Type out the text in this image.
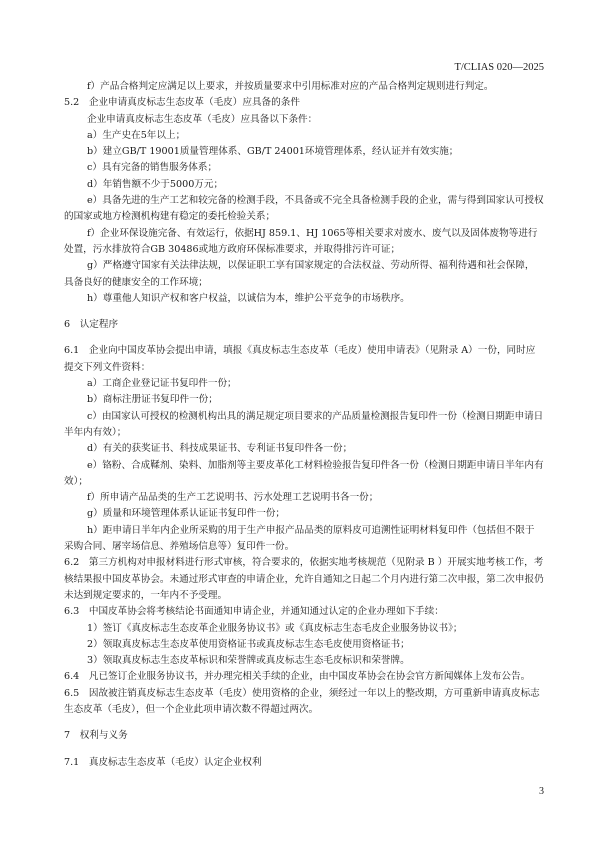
T/CLIAS 020—2025

f）产品合格判定应满足以上要求，并按质量要求中引用标准对应的产品合格判定规则进行判定。

5.2　企业申请真皮标志生态皮革（毛皮）应具备的条件

企业申请真皮标志生态皮革（毛皮）应具备以下条件：

a）生产史在5年以上；

b）建立GB/T 19001质量管理体系、GB/T 24001环境管理体系，经认证并有效实施；

c）具有完备的销售服务体系；

d）年销售额不少于5000万元；

e）具备先进的生产工艺和较完备的检测手段，不具备或不完全具备检测手段的企业，需与得到国家认可授权的国家或地方检测机构建有稳定的委托检验关系；

f）企业环保设施完备、有效运行，依据HJ 859.1、HJ 1065等相关要求对废水、废气以及固体废物等进行处置，污水排放符合GB 30486或地方政府环保标准要求，并取得排污许可证；

g）严格遵守国家有关法律法规，以保证职工享有国家规定的合法权益、劳动所得、福利待遇和社会保障，具备良好的健康安全的工作环境；

h）尊重他人知识产权和客户权益，以诚信为本，维护公平竞争的市场秩序。

6　认定程序

6.1　企业向中国皮革协会提出申请，填报《真皮标志生态皮革（毛皮）使用申请表》（见附录 A）一份，同时应提交下列文件资料：

a）工商企业登记证书复印件一份；

b）商标注册证书复印件一份；

c）由国家认可授权的检测机构出具的满足规定项目要求的产品质量检测报告复印件一份（检测日期距申请日半年内有效）；

d）有关的获奖证书、科技成果证书、专利证书复印件各一份；

e）铬粉、合成鞣剂、染料、加脂剂等主要皮革化工材料检验报告复印件各一份（检测日期距申请日半年内有效）；

f）所申请产品品类的生产工艺说明书、污水处理工艺说明书各一份；

g）质量和环境管理体系认证证书复印件一份；

h）距申请日半年内企业所采购的用于生产申报产品品类的原料皮可追溯性证明材料复印件（包括但不限于采购合同、屠宰场信息、养殖场信息等）复印件一份。

6.2　第三方机构对申报材料进行形式审核，符合要求的，依据实地考核规范（见附录 B ）开展实地考核工作，考核结果报中国皮革协会。未通过形式审查的申请企业，允许自通知之日起二个月内进行第二次申报，第二次申报仍未达到规定要求的，一年内不予受理。

6.3　中国皮革协会将考核结论书面通知申请企业，并通知通过认定的企业办理如下手续：

1）签订《真皮标志生态皮革企业服务协议书》或《真皮标志生态毛皮企业服务协议书》；

2）领取真皮标志生态皮革使用资格证书或真皮标志生态毛皮使用资格证书；

3）领取真皮标志生态皮革标识和荣誉牌或真皮标志生态毛皮标识和荣誉牌。

6.4　凡已签订企业服务协议书，并办理完相关手续的企业，由中国皮革协会在协会官方新闻媒体上发布公告。

6.5　因故被注销真皮标志生态皮革（毛皮）使用资格的企业，须经过一年以上的整改期，方可重新申请真皮标志生态皮革（毛皮），但一个企业此项申请次数不得超过两次。

7　权利与义务

7.1　真皮标志生态皮革（毛皮）认定企业权利

3
